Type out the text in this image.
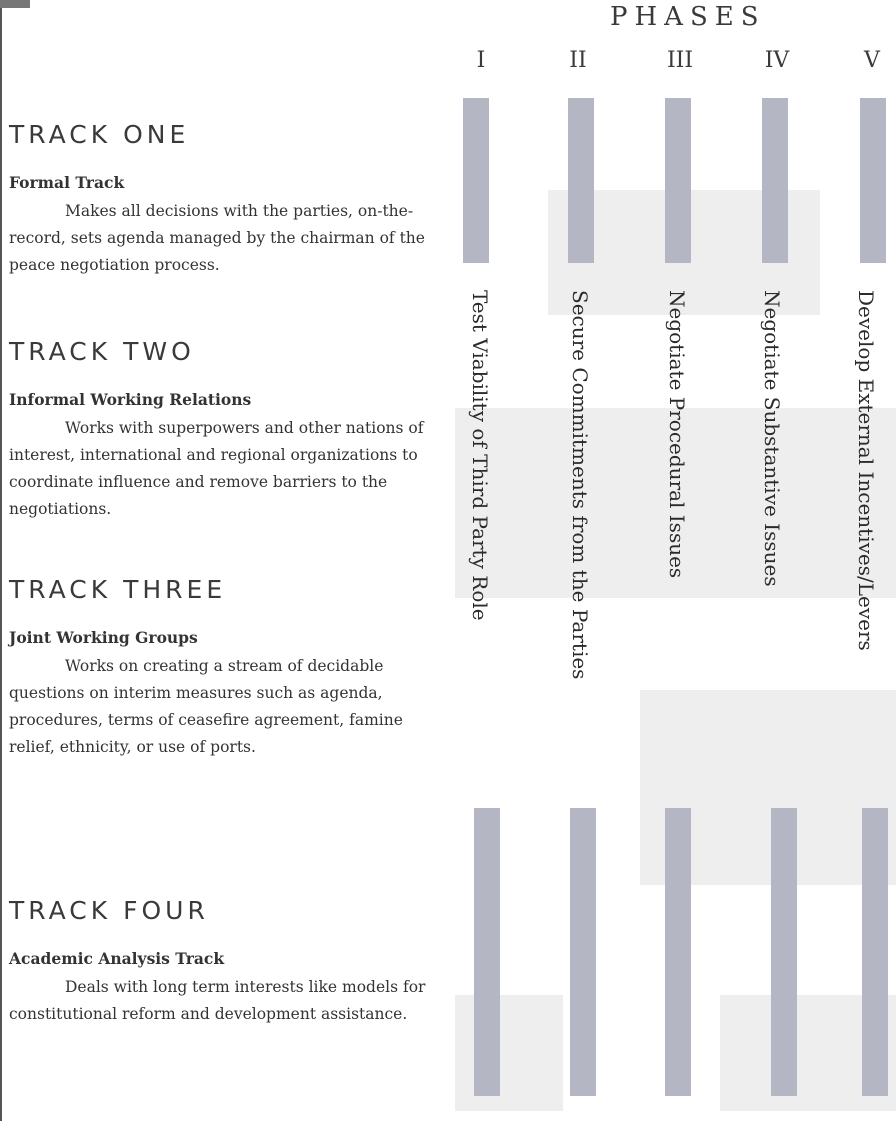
TRACK ONE
Formal Track

Makes all decisions with the parties, on-the-record, sets agenda managed by the chairman of the peace negotiation process.

TRACK TWO
Informal Working Relations

Works with superpowers and other nations of interest, international and regional organizations to coordinate influence and remove barriers to the negotiations.

TRACK THREE
Joint Working Groups

Works on creating a stream of decidable questions on interim measures such as agenda, procedures, terms of ceasefire agreement, famine relief, ethnicity, or use of ports.

TRACK FOUR
Academic Analysis Track

Deals with long term interests like models for constitutional reform and development assistance.

PHASES
I	II	III	IV	V
Test Viability of Third Party Role	Secure Commitments from the Parties	Negotiate Procedural Issues	Negotiate Substantive Issues	Develop External Incentives/Levers
